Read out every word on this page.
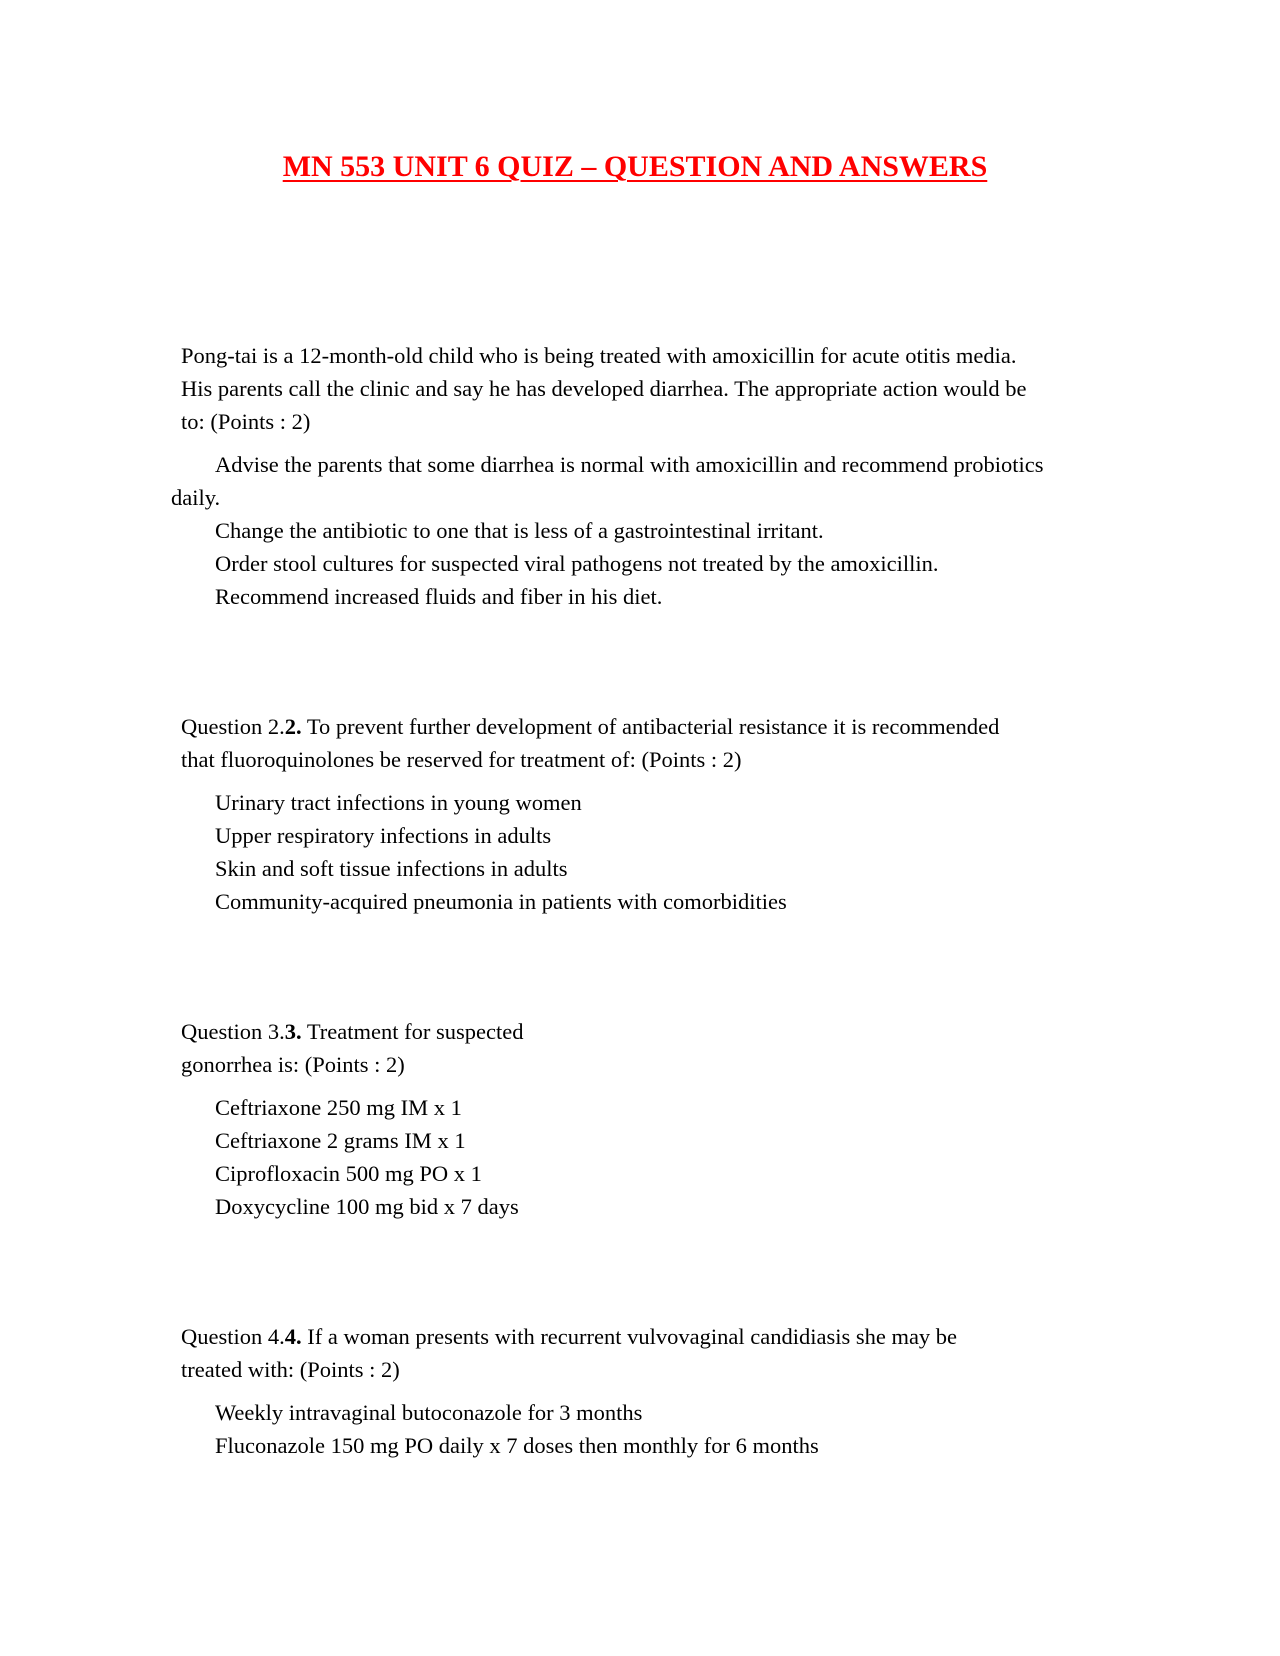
MN 553 UNIT 6 QUIZ – QUESTION AND ANSWERS

Pong-tai is a 12-month-old child who is being treated with amoxicillin for acute otitis media. His parents call the clinic and say he has developed diarrhea. The appropriate action would be to: (Points : 2)

Advise the parents that some diarrhea is normal with amoxicillin and recommend probiotics daily.

Change the antibiotic to one that is less of a gastrointestinal irritant.

Order stool cultures for suspected viral pathogens not treated by the amoxicillin.

Recommend increased fluids and fiber in his diet.

Question 2.2. To prevent further development of antibacterial resistance it is recommended that fluoroquinolones be reserved for treatment of: (Points : 2)

Urinary tract infections in young women

Upper respiratory infections in adults

Skin and soft tissue infections in adults

Community-acquired pneumonia in patients with comorbidities

Question 3.3. Treatment for suspected gonorrhea is: (Points : 2)

Ceftriaxone 250 mg IM x 1

Ceftriaxone 2 grams IM x 1

Ciprofloxacin 500 mg PO x 1

Doxycycline 100 mg bid x 7 days

Question 4.4. If a woman presents with recurrent vulvovaginal candidiasis she may be treated with: (Points : 2)

Weekly intravaginal butoconazole for 3 months

Fluconazole 150 mg PO daily x 7 doses then monthly for 6 months
